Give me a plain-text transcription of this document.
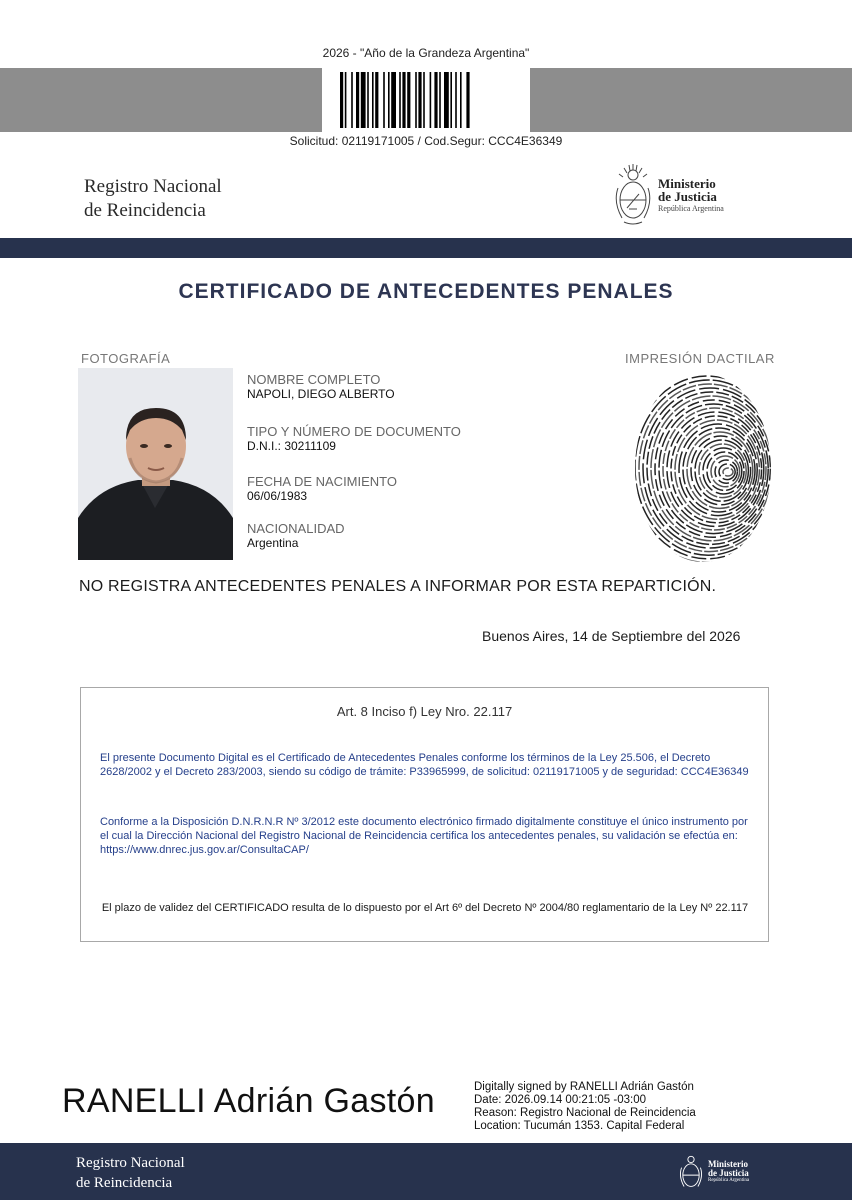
2026 - "Año de la Grandeza Argentina"
Solicitud: 02119171005 / Cod.Segur: CCC4E36349
Registro Nacional
de Reincidencia
Ministerio
de Justicia
República Argentina
CERTIFICADO DE ANTECEDENTES PENALES
FOTOGRAFÍA	IMPRESIÓN DACTILAR
NOMBRE COMPLETO
NAPOLI, DIEGO ALBERTO
TIPO Y NÚMERO DE DOCUMENTO
D.N.I.: 30211109
FECHA DE NACIMIENTO
06/06/1983
NACIONALIDAD
Argentina
NO REGISTRA ANTECEDENTES PENALES A INFORMAR POR ESTA REPARTICIÓN.
Buenos Aires, 14 de Septiembre del 2026
Art. 8 Inciso f) Ley Nro. 22.117
El presente Documento Digital es el Certificado de Antecedentes Penales conforme los términos de la Ley 25.506, el Decreto 2628/2002 y el Decreto 283/2003, siendo su código de trámite: P33965999, de solicitud: 02119171005 y de seguridad: CCC4E36349
Conforme a la Disposición D.N.R.N.R Nº 3/2012 este documento electrónico firmado digitalmente constituye el único instrumento por el cual la Dirección Nacional del Registro Nacional de Reincidencia certifica los antecedentes penales, su validación se efectúa en: https://www.dnrec.jus.gov.ar/ConsultaCAP/
El plazo de validez del CERTIFICADO resulta de lo dispuesto por el Art 6º del Decreto Nº 2004/80 reglamentario de la Ley Nº 22.117
RANELLI Adrián Gastón	Digitally signed by RANELLI Adrián Gastón
Date: 2026.09.14 00:21:05 -03:00
Reason: Registro Nacional de Reincidencia
Location: Tucumán 1353. Capital Federal
Registro Nacional
de Reincidencia
Ministerio
de Justicia
República Argentina
